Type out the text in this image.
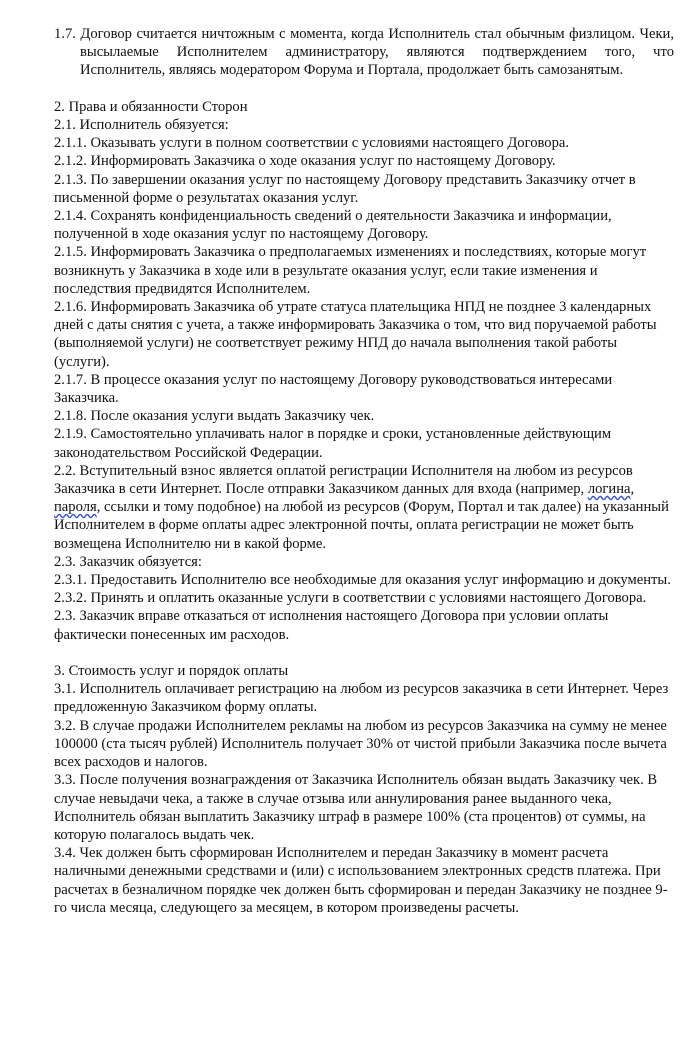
1.7. Договор считается ничтожным с момента, когда Исполнитель стал обычным физлицом. Чеки, высылаемые Исполнителем администратору, являются подтверждением того, что Исполнитель, являясь модератором Форума и Портала, продолжает быть самозанятым.

2. Права и обязанности Сторон

2.1. Исполнитель обязуется:

2.1.1. Оказывать услуги в полном соответствии с условиями настоящего Договора.

2.1.2. Информировать Заказчика о ходе оказания услуг по настоящему Договору.

2.1.3. По завершении оказания услуг по настоящему Договору представить Заказчику отчет в письменной форме о результатах оказания услуг.

2.1.4. Сохранять конфиденциальность сведений о деятельности Заказчика и информации, полученной в ходе оказания услуг по настоящему Договору.

2.1.5. Информировать Заказчика о предполагаемых изменениях и последствиях, которые могут возникнуть у Заказчика в ходе или в результате оказания услуг, если такие изменения и последствия предвидятся Исполнителем.

2.1.6. Информировать Заказчика об утрате статуса плательщика НПД не позднее 3 календарных дней с даты снятия с учета, а также информировать Заказчика о том, что вид поручаемой работы (выполняемой услуги) не соответствует режиму НПД до начала выполнения такой работы (услуги).

2.1.7. В процессе оказания услуг по настоящему Договору руководствоваться интересами Заказчика.

2.1.8. После оказания услуги выдать Заказчику чек.

2.1.9. Самостоятельно уплачивать налог в порядке и сроки, установленные действующим законодательством Российской Федерации.

2.2. Вступительный взнос является оплатой регистрации Исполнителя на любом из ресурсов Заказчика в сети Интернет. После отправки Заказчиком данных для входа (например, логина, пароля, ссылки и тому подобное) на любой из ресурсов (Форум, Портал и так далее) на указанный Исполнителем в форме оплаты адрес электронной почты, оплата регистрации не может быть возмещена Исполнителю ни в какой форме.

2.3. Заказчик обязуется:

2.3.1. Предоставить Исполнителю все необходимые для оказания услуг информацию и документы.

2.3.2. Принять и оплатить оказанные услуги в соответствии с условиями настоящего Договора.

2.3. Заказчик вправе отказаться от исполнения настоящего Договора при условии оплаты фактически понесенных им расходов.

3. Стоимость услуг и порядок оплаты

3.1. Исполнитель оплачивает регистрацию на любом из ресурсов заказчика в сети Интернет. Через предложенную Заказчиком форму оплаты.

3.2. В случае продажи Исполнителем рекламы на любом из ресурсов Заказчика на сумму не менее 100000 (ста тысяч рублей) Исполнитель получает 30% от чистой прибыли Заказчика после вычета всех расходов и налогов.

3.3. После получения вознаграждения от Заказчика Исполнитель обязан выдать Заказчику чек. В случае невыдачи чека, а также в случае отзыва или аннулирования ранее выданного чека, Исполнитель обязан выплатить Заказчику штраф в размере 100% (ста процентов) от суммы, на которую полагалось выдать чек.

3.4. Чек должен быть сформирован Исполнителем и передан Заказчику в момент расчета наличными денежными средствами и (или) с использованием электронных средств платежа. При расчетах в безналичном порядке чек должен быть сформирован и передан Заказчику не позднее 9-го числа месяца, следующего за месяцем, в котором произведены расчеты.
